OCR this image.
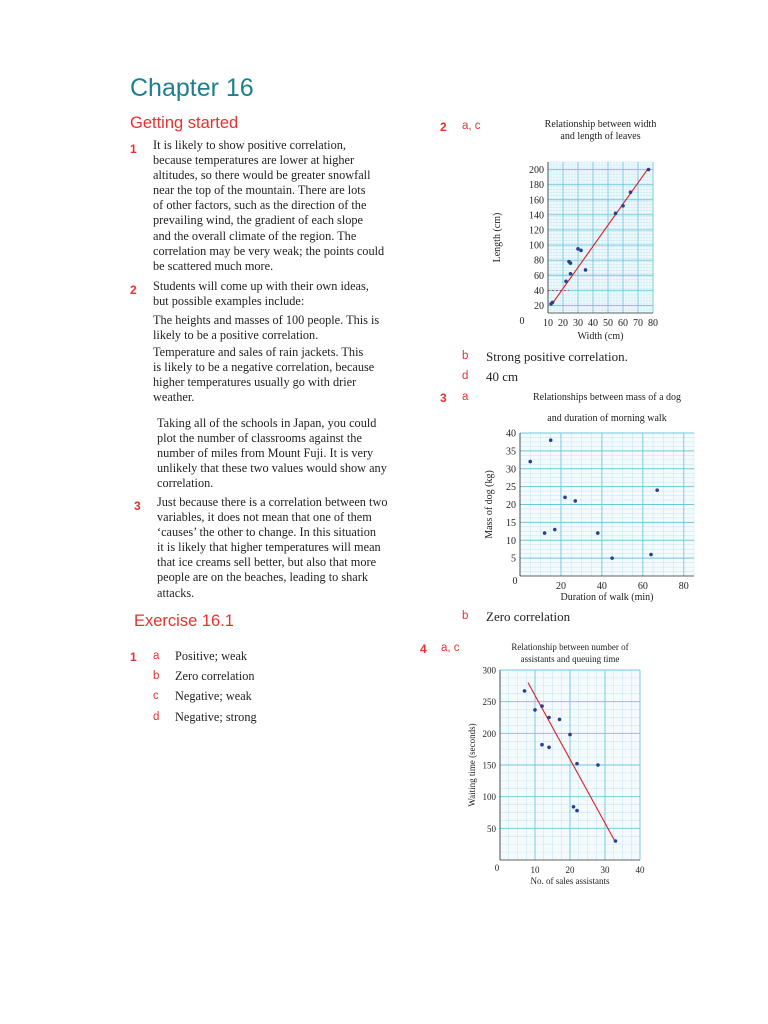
Chapter 16
Getting started
1 It is likely to show positive correlation,
because temperatures are lower at higher
altitudes, so there would be greater snowfall
near the top of the mountain. There are lots
of other factors, such as the direction of the
prevailing wind, the gradient of each slope
and the overall climate of the region. The
correlation may be very weak; the points could
be scattered much more.
2 Students will come up with their own ideas,
but possible examples include:
The heights and masses of 100 people. This is
likely to be a positive correlation.
Temperature and sales of rain jackets. This
is likely to be a negative correlation, because
higher temperatures usually go with drier
weather.
Taking all of the schools in Japan, you could
plot the number of classrooms against the
number of miles from Mount Fuji. It is very
unlikely that these two values would show any
correlation.
3 Just because there is a correlation between two
variables, it does not mean that one of them
‘causes’ the other to change. In this situation
it is likely that higher temperatures will mean
that ice creams sell better, but also that more
people are on the beaches, leading to shark
attacks.
Exercise 16.1
1 a Positive; weak
b Zero correlation
c Negative; weak
d Negative; strong
2 a, c
b Strong positive correlation.
d 40 cm
3 a
b Zero correlation
4 a, c
Relationship between width
and length of leaves
0 10 20 30 40 50 60 70 80
20
40
60
80
100
120
140
160
180
200
Width (cm)
Length (cm)
Relationships between mass of a dog
and duration of morning walk
0	20	40	60	80
5
10
15
20
25
30
35
40
Duration of walk (min)
Mass of dog (kg)
Relationship between number of
assistants and queuing time
0	10	20	30	40
50
100
150
200
250
300
No. of sales assistants
Waiting time (seconds)
